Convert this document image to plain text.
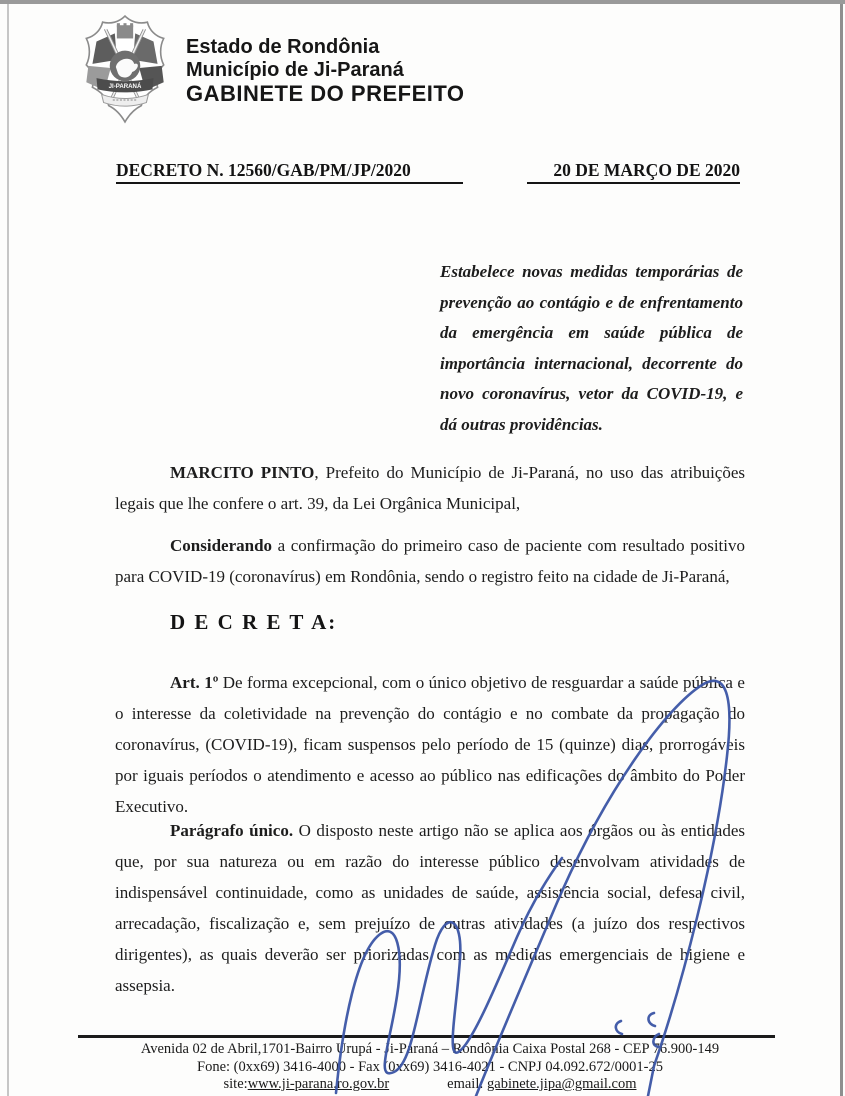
JI-PARANÁ
Estado de Rondônia
Município de Ji-Paraná
GABINETE DO PREFEITO
DECRETO N. 12560/GAB/PM/JP/2020	20 DE MARÇO DE 2020
Estabelece novas medidas temporárias de
prevenção ao contágio e de enfrentamento
da emergência em saúde pública de
importância internacional, decorrente do
novo coronavírus, vetor da COVID-19, e
dá outras providências.
MARCITO PINTO, Prefeito do Município de Ji-Paraná, no uso das atribuições
legais que lhe confere o art. 39, da Lei Orgânica Municipal,
Considerando a confirmação do primeiro caso de paciente com resultado positivo
para COVID-19 (coronavírus) em Rondônia, sendo o registro feito na cidade de Ji-Paraná,
D E C R E T A:
Art. 1º De forma excepcional, com o único objetivo de resguardar a saúde pública e
o interesse da coletividade na prevenção do contágio e no combate da propagação do
coronavírus, (COVID-19), ficam suspensos pelo período de 15 (quinze) dias, prorrogáveis
por iguais períodos o atendimento e acesso ao público nas edificações do âmbito do Poder
Executivo.
Parágrafo único. O disposto neste artigo não se aplica aos órgãos ou às entidades
que, por sua natureza ou em razão do interesse público desenvolvam atividades de
indispensável continuidade, como as unidades de saúde, assistência social, defesa civil,
arrecadação, fiscalização e, sem prejuízo de outras atividades (a juízo dos respectivos
dirigentes), as quais deverão ser priorizadas com as medidas emergenciais de higiene e
assepsia.
Avenida 02 de Abril,1701-Bairro Urupá - Ji-Paraná – Rondônia Caixa Postal 268 - CEP 76.900-149
Fone: (0xx69) 3416-4000 - Fax (0xx69) 3416-4021 - CNPJ 04.092.672/0001-25
site:www.ji-parana.ro.gov.br	email: gabinete.jipa@gmail.com
